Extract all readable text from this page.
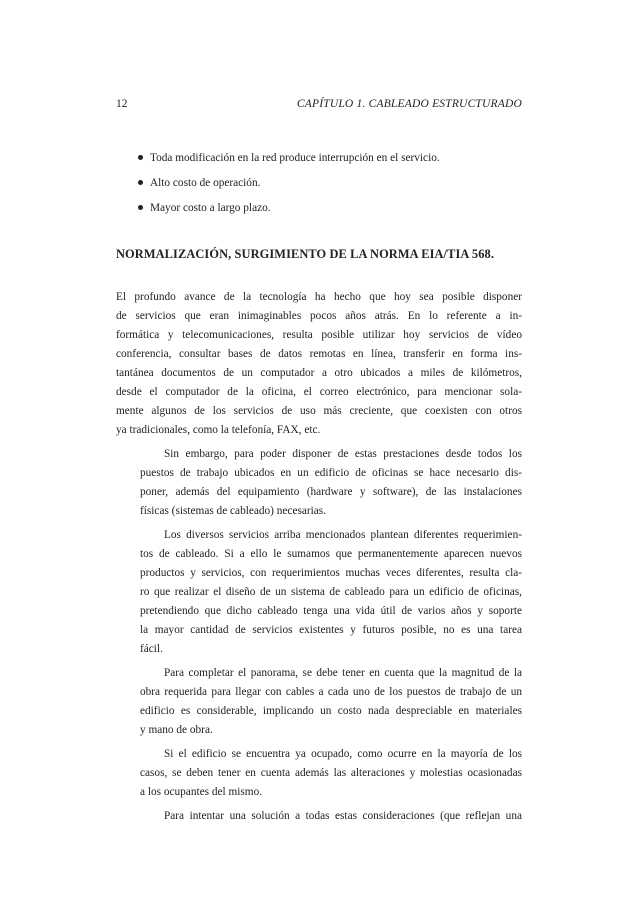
12	CAPÍTULO 1. CABLEADO ESTRUCTURADO
Toda modificación en la red produce interrupción en el servicio.
Alto costo de operación.
Mayor costo a largo plazo.
NORMALIZACIÓN, SURGIMIENTO DE LA NORMA EIA/TIA 568.

El profundo avance de la tecnología ha hecho que hoy sea posible disponer
de servicios que eran inimaginables pocos años atrás. En lo referente a in-
formática y telecomunicaciones, resulta posible utilizar hoy servicios de vídeo
conferencia, consultar bases de datos remotas en línea, transferir en forma ins-
tantánea documentos de un computador a otro ubicados a miles de kilómetros,
desde el computador de la oficina, el correo electrónico, para mencionar sola-
mente algunos de los servicios de uso más creciente, que coexisten con otros
ya tradicionales, como la telefonía, FAX, etc.

Sin embargo, para poder disponer de estas prestaciones desde todos los
puestos de trabajo ubicados en un edificio de oficinas se hace necesario dis-
poner, además del equipamiento (hardware y software), de las instalaciones
físicas (sistemas de cableado) necesarias.

Los diversos servicios arriba mencionados plantean diferentes requerimien-
tos de cableado. Si a ello le sumamos que permanentemente aparecen nuevos
productos y servicios, con requerimientos muchas veces diferentes, resulta cla-
ro que realizar el diseño de un sistema de cableado para un edificio de oficinas,
pretendiendo que dicho cableado tenga una vida útil de varios años y soporte
la mayor cantidad de servicios existentes y futuros posible, no es una tarea
fácil.

Para completar el panorama, se debe tener en cuenta que la magnitud de la
obra requerida para llegar con cables a cada uno de los puestos de trabajo de un
edificio es considerable, implicando un costo nada despreciable en materiales
y mano de obra.

Si el edificio se encuentra ya ocupado, como ocurre en la mayoría de los
casos, se deben tener en cuenta además las alteraciones y molestias ocasionadas
a los ocupantes del mismo.

Para intentar una solución a todas estas consideraciones (que reflejan una
